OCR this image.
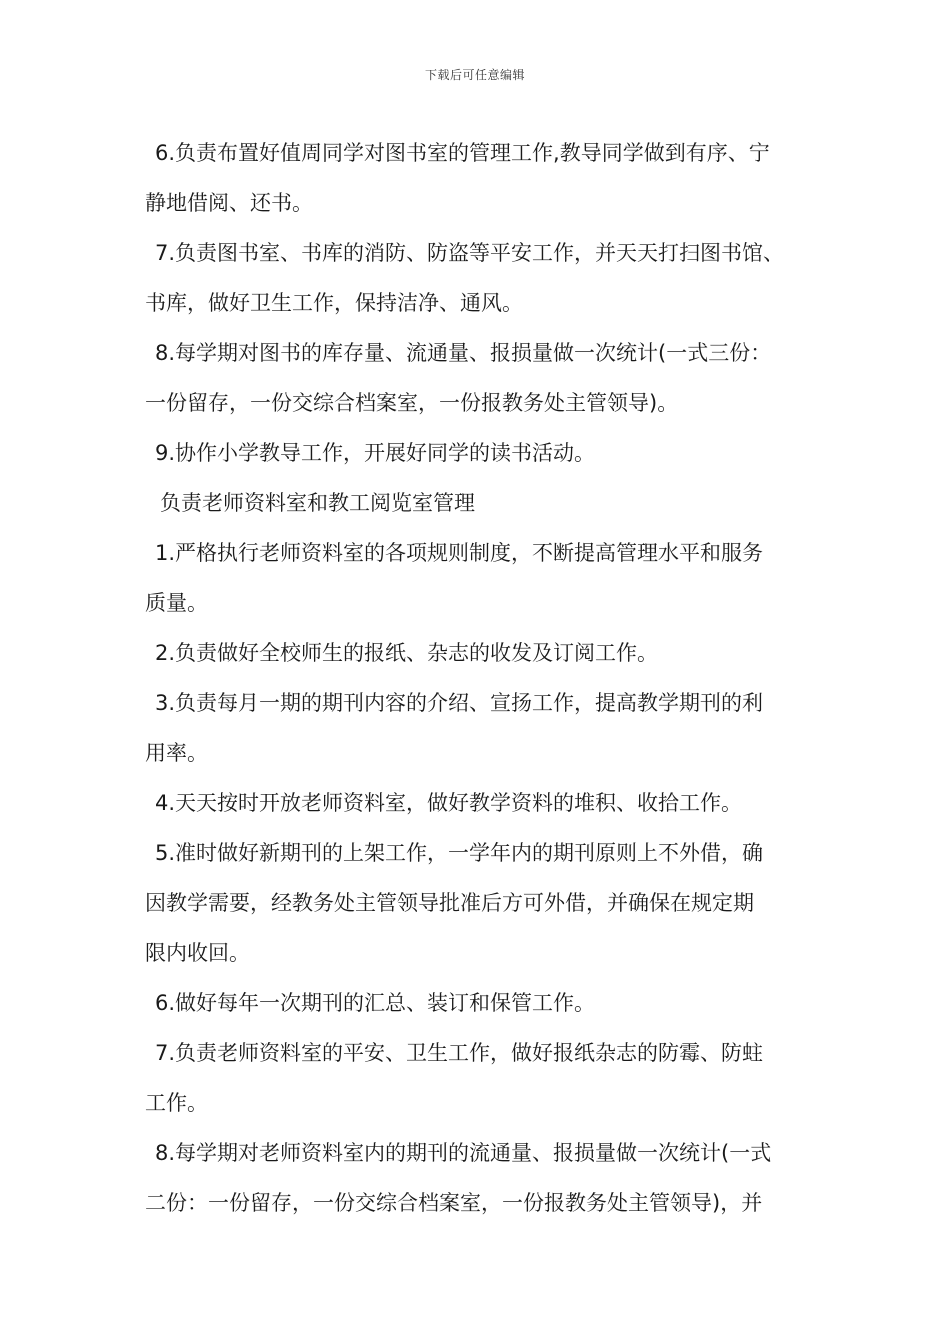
下载后可任意编辑

6.负责布置好值周同学对图书室的管理工作,教导同学做到有序、宁

静地借阅、还书。

7.负责图书室、书库的消防、防盗等平安工作，并天天打扫图书馆、

书库，做好卫生工作，保持洁净、通风。

8.每学期对图书的库存量、流通量、报损量做一次统计(一式三份：

一份留存，一份交综合档案室，一份报教务处主管领导)。

9.协作小学教导工作，开展好同学的读书活动。

负责老师资料室和教工阅览室管理

1.严格执行老师资料室的各项规则制度，不断提高管理水平和服务

质量。

2.负责做好全校师生的报纸、杂志的收发及订阅工作。

3.负责每月一期的期刊内容的介绍、宣扬工作，提高教学期刊的利

用率。

4.天天按时开放老师资料室，做好教学资料的堆积、收拾工作。

5.准时做好新期刊的上架工作，一学年内的期刊原则上不外借，确

因教学需要，经教务处主管领导批准后方可外借，并确保在规定期

限内收回。

6.做好每年一次期刊的汇总、装订和保管工作。

7.负责老师资料室的平安、卫生工作，做好报纸杂志的防霉、防蛀

工作。

8.每学期对老师资料室内的期刊的流通量、报损量做一次统计(一式

二份：一份留存，一份交综合档案室，一份报教务处主管领导)，并
